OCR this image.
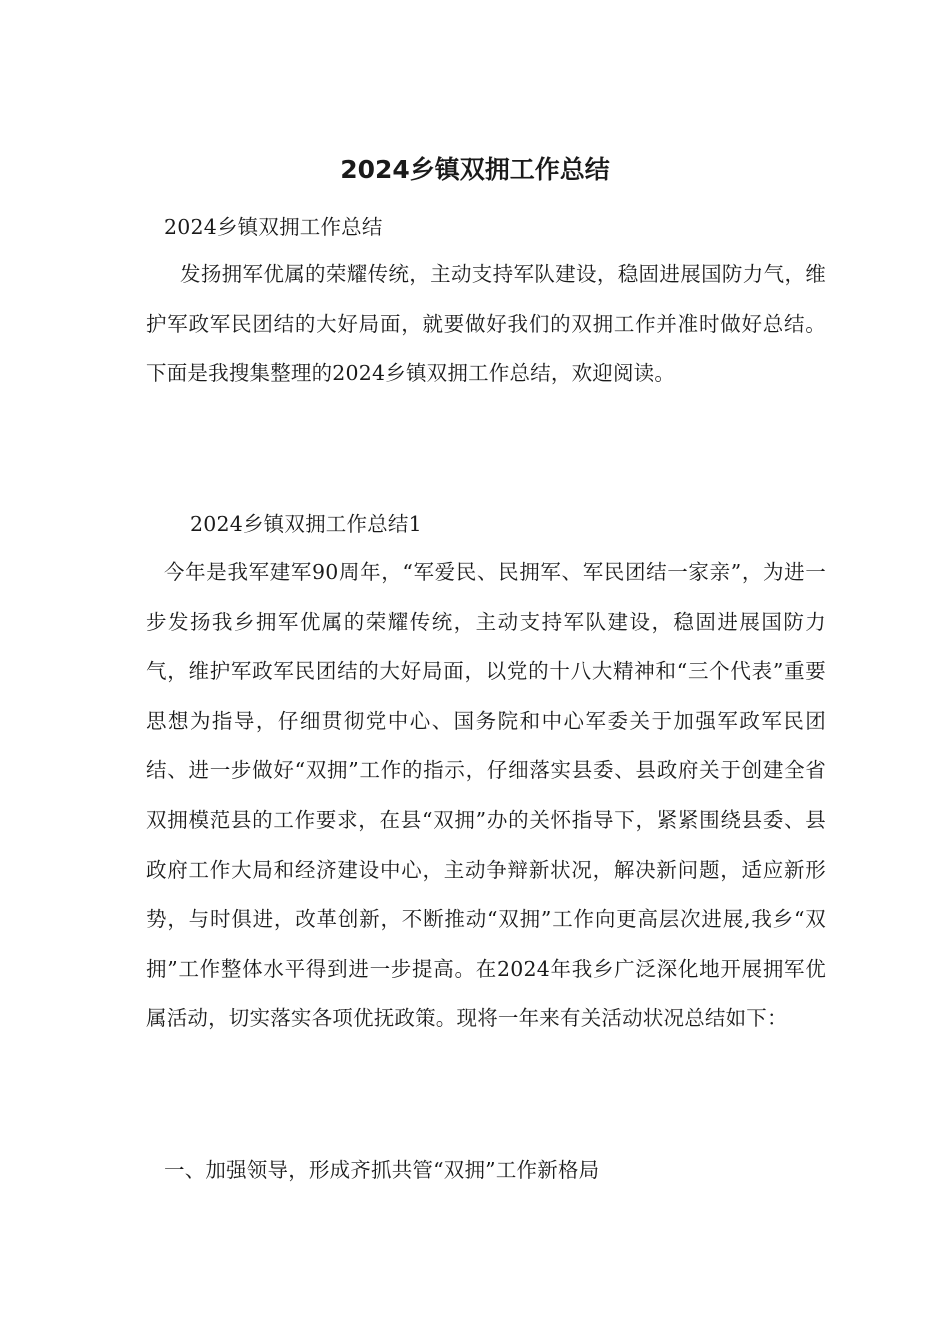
2024乡镇双拥工作总结

2024乡镇双拥工作总结

发扬拥军优属的荣耀传统，主动支持军队建设，稳固进展国防力气，维护军政军民团结的大好局面，就要做好我们的双拥工作并准时做好总结。下面是我搜集整理的2024乡镇双拥工作总结，欢迎阅读。

2024乡镇双拥工作总结1

今年是我军建军90周年，“军爱民、民拥军、军民团结一家亲”，为进一步发扬我乡拥军优属的荣耀传统，主动支持军队建设，稳固进展国防力气，维护军政军民团结的大好局面，以党的十八大精神和“三个代表”重要思想为指导，仔细贯彻党中心、国务院和中心军委关于加强军政军民团结、进一步做好“双拥”工作的指示，仔细落实县委、县政府关于创建全省双拥模范县的工作要求，在县“双拥”办的关怀指导下，紧紧围绕县委、县政府工作大局和经济建设中心，主动争辩新状况，解决新问题，适应新形势，与时俱进，改革创新，不断推动“双拥”工作向更高层次进展,我乡“双拥”工作整体水平得到进一步提高。在2024年我乡广泛深化地开展拥军优属活动，切实落实各项优抚政策。现将一年来有关活动状况总结如下：

一、加强领导，形成齐抓共管“双拥”工作新格局
